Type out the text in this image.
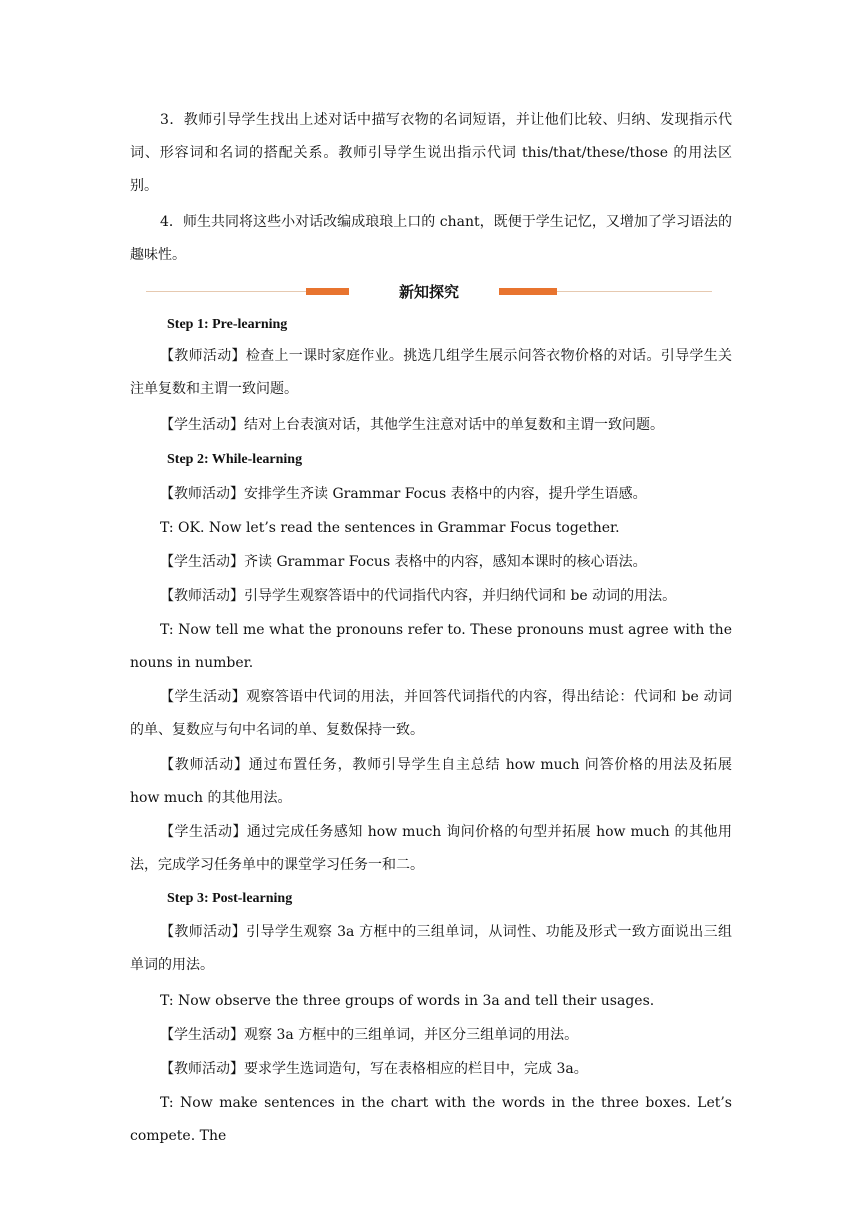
3．教师引导学生找出上述对话中描写衣物的名词短语，并让他们比较、归纳、发现指示代词、形容词和名词的搭配关系。教师引导学生说出指示代词 this/that/these/those 的用法区别。

4．师生共同将这些小对话改编成琅琅上口的 chant，既便于学生记忆，又增加了学习语法的趣味性。

新知探究
Step 1: Pre-learning

【教师活动】检查上一课时家庭作业。挑选几组学生展示问答衣物价格的对话。引导学生关注单复数和主谓一致问题。

【学生活动】结对上台表演对话，其他学生注意对话中的单复数和主谓一致问题。

Step 2: While-learning

【教师活动】安排学生齐读 Grammar Focus 表格中的内容，提升学生语感。

T: OK. Now let’s read the sentences in Grammar Focus together.

【学生活动】齐读 Grammar Focus 表格中的内容，感知本课时的核心语法。

【教师活动】引导学生观察答语中的代词指代内容，并归纳代词和 be 动词的用法。

T: Now tell me what the pronouns refer to. These pronouns must agree with the nouns in number.

【学生活动】观察答语中代词的用法，并回答代词指代的内容，得出结论：代词和 be 动词的单、复数应与句中名词的单、复数保持一致。

【教师活动】通过布置任务，教师引导学生自主总结 how much 问答价格的用法及拓展 how much 的其他用法。

【学生活动】通过完成任务感知 how much 询问价格的句型并拓展 how much 的其他用法，完成学习任务单中的课堂学习任务一和二。

Step 3: Post-learning

【教师活动】引导学生观察 3a 方框中的三组单词，从词性、功能及形式一致方面说出三组单词的用法。

T: Now observe the three groups of words in 3a and tell their usages.

【学生活动】观察 3a 方框中的三组单词，并区分三组单词的用法。

【教师活动】要求学生选词造句，写在表格相应的栏目中，完成 3a。

T: Now make sentences in the chart with the words in the three boxes. Let’s compete. The
